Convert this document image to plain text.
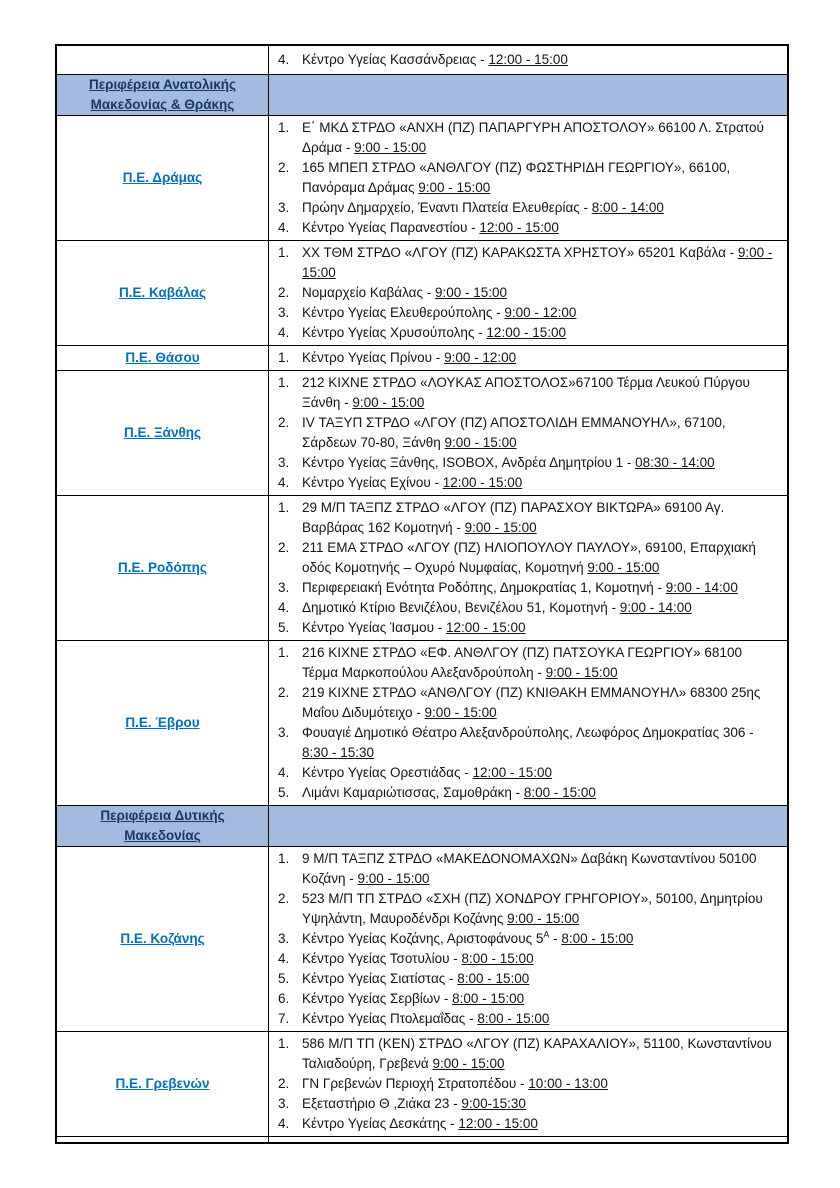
	4. Κέντρο Υγείας Κασσάνδρειας - 12:00 - 15:00

Περιφέρεια Ανατολικής Μακεδονίας & Θράκης	
Π.Ε. Δράμας	
1. Ε΄ ΜΚΔ ΣΤΡΔΟ «ΑΝΧΗ (ΠΖ) ΠΑΠΑΡΓΥΡΗ ΑΠΟΣΤΟΛΟΥ» 66100 Λ. Στρατού Δράμα - 9:00 - 15:00
2. 165 ΜΠΕΠ ΣΤΡΔΟ «ΑΝΘΛΓΟΥ (ΠΖ) ΦΩΣΤΗΡΙΔΗ ΓΕΩΡΓΙΟΥ», 66100, Πανόραμα Δράμας 9:00 - 15:00
3. Πρώην Δημαρχείο, Έναντι Πλατεία Ελευθερίας - 8:00 - 14:00
4. Κέντρο Υγείας Παρανεστίου - 12:00 - 15:00

Π.Ε. Καβάλας	
1. ΧΧ ΤΘΜ ΣΤΡΔΟ «ΛΓΟΥ (ΠΖ) ΚΑΡΑΚΩΣΤΑ ΧΡΗΣΤΟΥ» 65201 Καβάλα - 9:00 - 15:00
2. Νομαρχείο Καβάλας - 9:00 - 15:00
3. Κέντρο Υγείας Ελευθερούπολης - 9:00 - 12:00
4. Κέντρο Υγείας Χρυσούπολης - 12:00 - 15:00

Π.Ε. Θάσου	1. Κέντρο Υγείας Πρίνου - 9:00 - 12:00

Π.Ε. Ξάνθης	
1. 212 ΚΙΧΝΕ ΣΤΡΔΟ «ΛΟΥΚΑΣ ΑΠΟΣΤΟΛΟΣ»67100 Τέρμα Λευκού Πύργου Ξάνθη - 9:00 - 15:00
2. IV ΤΑΞΥΠ ΣΤΡΔΟ «ΛΓΟΥ (ΠΖ) ΑΠΟΣΤΟΛΙΔΗ ΕΜΜΑΝΟΥΗΛ», 67100, Σάρδεων 70-80, Ξάνθη 9:00 - 15:00
3. Κέντρο Υγείας Ξάνθης, ISOBOX, Ανδρέα Δημητρίου 1 - 08:30 - 14:00
4. Κέντρο Υγείας Εχίνου - 12:00 - 15:00

Π.Ε. Ροδόπης	
1. 29 Μ/Π ΤΑΞΠΖ ΣΤΡΔΟ «ΛΓΟΥ (ΠΖ) ΠΑΡΑΣΧΟΥ ΒΙΚΤΩΡΑ» 69100 Αγ. Βαρβάρας 162 Κομοτηνή - 9:00 - 15:00
2. 211 ΕΜΑ ΣΤΡΔΟ «ΛΓΟΥ (ΠΖ) ΗΛΙΟΠΟΥΛΟΥ ΠΑΥΛΟΥ», 69100, Επαρχιακή οδός Κομοτηνής – Οχυρό Νυμφαίας, Κομοτηνή 9:00 - 15:00
3. Περιφερειακή Ενότητα Ροδόπης, Δημοκρατίας 1, Κομοτηνή - 9:00 - 14:00
4. Δημοτικό Κτίριο Βενιζέλου, Βενιζέλου 51, Κομοτηνή - 9:00 - 14:00
5. Κέντρο Υγείας Ίασμου - 12:00 - 15:00

Π.Ε. Έβρου	
1. 216 ΚΙΧΝΕ ΣΤΡΔΟ «ΕΦ. ΑΝΘΛΓΟΥ (ΠΖ) ΠΑΤΣΟΥΚΑ ΓΕΩΡΓΙΟΥ» 68100 Τέρμα Μαρκοπούλου Αλεξανδρούπολη - 9:00 - 15:00
2. 219 ΚΙΧΝΕ ΣΤΡΔΟ «ΑΝΘΛΓΟΥ (ΠΖ) ΚΝΙΘΑΚΗ ΕΜΜΑΝΟΥΗΛ» 68300 25ης Μαΐου Διδυμότειχο - 9:00 - 15:00
3. Φουαγιέ Δημοτικό Θέατρο Αλεξανδρούπολης, Λεωφόρος Δημοκρατίας 306 - 8:30 - 15:30
4. Κέντρο Υγείας Ορεστιάδας - 12:00 - 15:00
5. Λιμάνι Καμαριώτισσας, Σαμοθράκη - 8:00 - 15:00

Περιφέρεια Δυτικής Μακεδονίας	
Π.Ε. Κοζάνης	
1. 9 Μ/Π ΤΑΞΠΖ ΣΤΡΔΟ «ΜΑΚΕΔΟΝΟΜΑΧΩΝ» Δαβάκη Κωνσταντίνου 50100 Κοζάνη - 9:00 - 15:00
2. 523 Μ/Π ΤΠ ΣΤΡΔΟ «ΣΧΗ (ΠΖ) ΧΟΝΔΡΟΥ ΓΡΗΓΟΡΙΟΥ», 50100, Δημητρίου Υψηλάντη, Μαυροδένδρι Κοζάνης 9:00 - 15:00
3. Κέντρο Υγείας Κοζάνης, Αριστοφάνους $5^A$ - 8:00 - 15:00
4. Κέντρο Υγείας Τσοτυλίου - 8:00 - 15:00
5. Κέντρο Υγείας Σιατίστας - 8:00 - 15:00
6. Κέντρο Υγείας Σερβίων - 8:00 - 15:00
7. Κέντρο Υγείας Πτολεμαΐδας - 8:00 - 15:00

Π.Ε. Γρεβενών	
1. 586 Μ/Π ΤΠ (ΚΕΝ) ΣΤΡΔΟ «ΛΓΟΥ (ΠΖ) ΚΑΡΑΧΑΛΙΟΥ», 51100, Κωνσταντίνου Ταλιαδούρη, Γρεβενά 9:00 - 15:00
2. ΓΝ Γρεβενών Περιοχή Στρατοπέδου - 10:00 - 13:00
3. Εξεταστήριο Θ ,Ζιάκα 23 - 9:00-15:30
4. Κέντρο Υγείας Δεσκάτης - 12:00 - 15:00
